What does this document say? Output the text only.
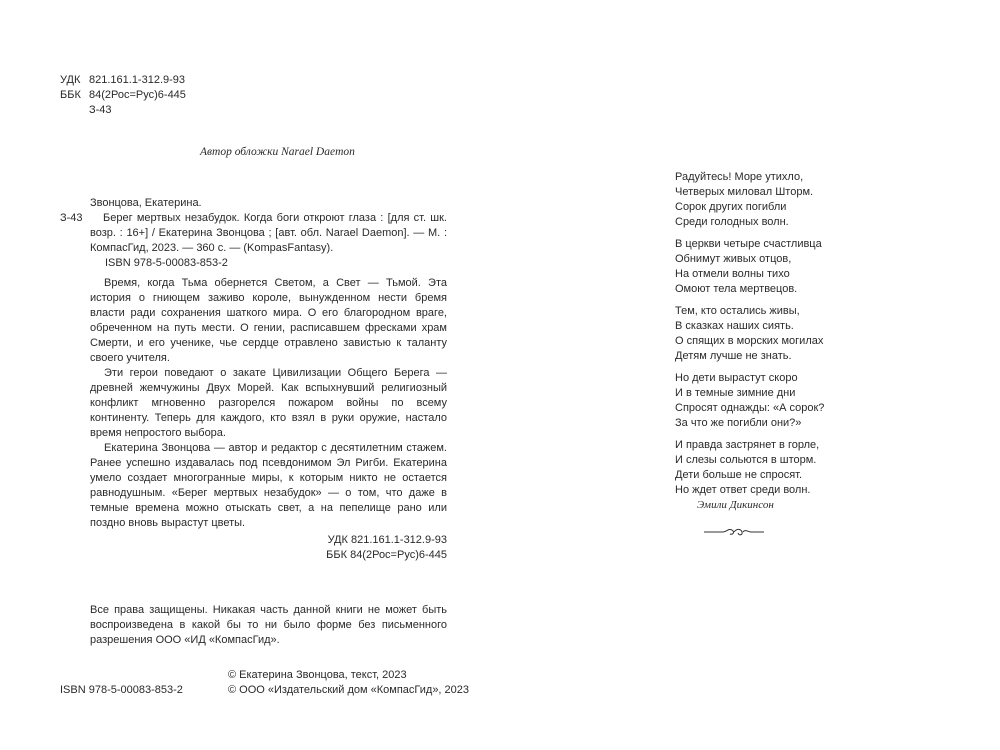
УДК 821.161.1-312.9-93
ББК 84(2Рос=Рус)6-445
З-43
Автор обложки Narael Daemon
Звонцова, Екатерина.
З-43	Берег мертвых незабудок. Когда боги откроют глаза : [для ст. шк. возр. : 16+] / Екатерина Звонцова ; [авт. обл. Narael Daemon]. — М. : КомпасГид, 2023. — 360 с. — (KompasFantasy).
ISBN 978-5-00083-853-2

Время, когда Тьма обернется Светом, а Свет — Тьмой. Эта история о гниющем заживо короле, вынужденном нести бремя власти ради сохранения шаткого мира. О его благородном враге, обреченном на путь мести. О гении, расписавшем фресками храм Смерти, и его ученике, чье сердце отравлено завистью к таланту своего учителя.

Эти герои поведают о закате Цивилизации Общего Берега — древней жемчужины Двух Морей. Как вспыхнувший религиозный конфликт мгновенно разгорелся пожаром войны по всему континенту. Теперь для каждого, кто взял в руки оружие, настало время непростого выбора.

Екатерина Звонцова — автор и редактор с десятилетним стажем. Ранее успешно издавалась под псевдонимом Эл Ригби. Екатерина умело создает многогранные миры, к которым никто не остается равнодушным. «Берег мертвых незабудок» — о том, что даже в темные времена можно отыскать свет, а на пепелище рано или поздно вновь вырастут цветы.

УДК 821.161.1-312.9-93
ББК 84(2Рос=Рус)6-445
Все права защищены. Никакая часть данной книги не может быть воспроизведена в какой бы то ни было форме без письменного разрешения ООО «ИД «КомпасГид».
© Екатерина Звонцова, текст, 2023
© ООО «Издательский дом «КомпасГид», 2023
ISBN 978-5-00083-853-2
Радуйтесь! Море утихло,
Четверых миловал Шторм.
Сорок других погибли
Среди голодных волн.
В церкви четыре счастливца
Обнимут живых отцов,
На отмели волны тихо
Омоют тела мертвецов.
Тем, кто остались живы,
В сказках наших сиять.
О спящих в морских могилах
Детям лучше не знать.
Но дети вырастут скоро
И в темные зимние дни
Спросят однажды: «А сорок?
За что же погибли они?»
И правда застрянет в горле,
И слезы сольются в шторм.
Дети больше не спросят.
Но ждет ответ среди волн.
Эмили Дикинсон
